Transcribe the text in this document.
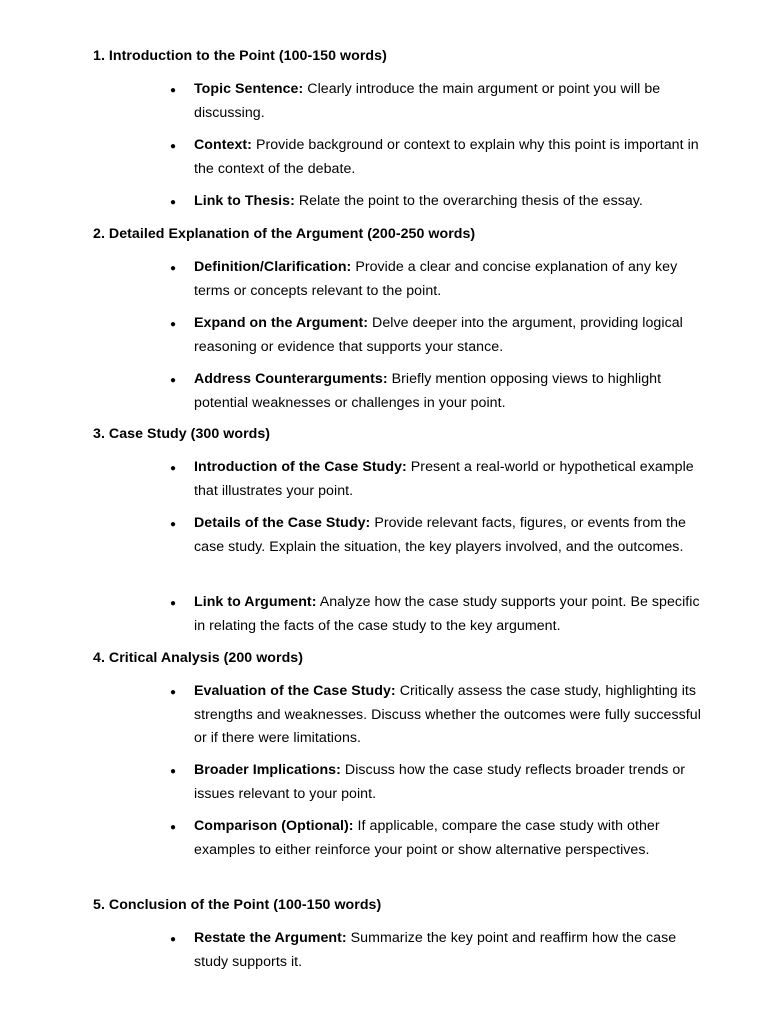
1. Introduction to the Point (100-150 words)
● Topic Sentence: Clearly introduce the main argument or point you will be discussing.
● Context: Provide background or context to explain why this point is important in the context of the debate.
● Link to Thesis: Relate the point to the overarching thesis of the essay.
2. Detailed Explanation of the Argument (200-250 words)
● Definition/Clarification: Provide a clear and concise explanation of any key terms or concepts relevant to the point.
● Expand on the Argument: Delve deeper into the argument, providing logical reasoning or evidence that supports your stance.
● Address Counterarguments: Briefly mention opposing views to highlight potential weaknesses or challenges in your point.
3. Case Study (300 words)
● Introduction of the Case Study: Present a real-world or hypothetical example that illustrates your point.
● Details of the Case Study: Provide relevant facts, figures, or events from the case study. Explain the situation, the key players involved, and the outcomes.
● Link to Argument: Analyze how the case study supports your point. Be specific in relating the facts of the case study to the key argument.
4. Critical Analysis (200 words)
● Evaluation of the Case Study: Critically assess the case study, highlighting its strengths and weaknesses. Discuss whether the outcomes were fully successful or if there were limitations.
● Broader Implications: Discuss how the case study reflects broader trends or issues relevant to your point.
● Comparison (Optional): If applicable, compare the case study with other examples to either reinforce your point or show alternative perspectives.
5. Conclusion of the Point (100-150 words)
● Restate the Argument: Summarize the key point and reaffirm how the case study supports it.
